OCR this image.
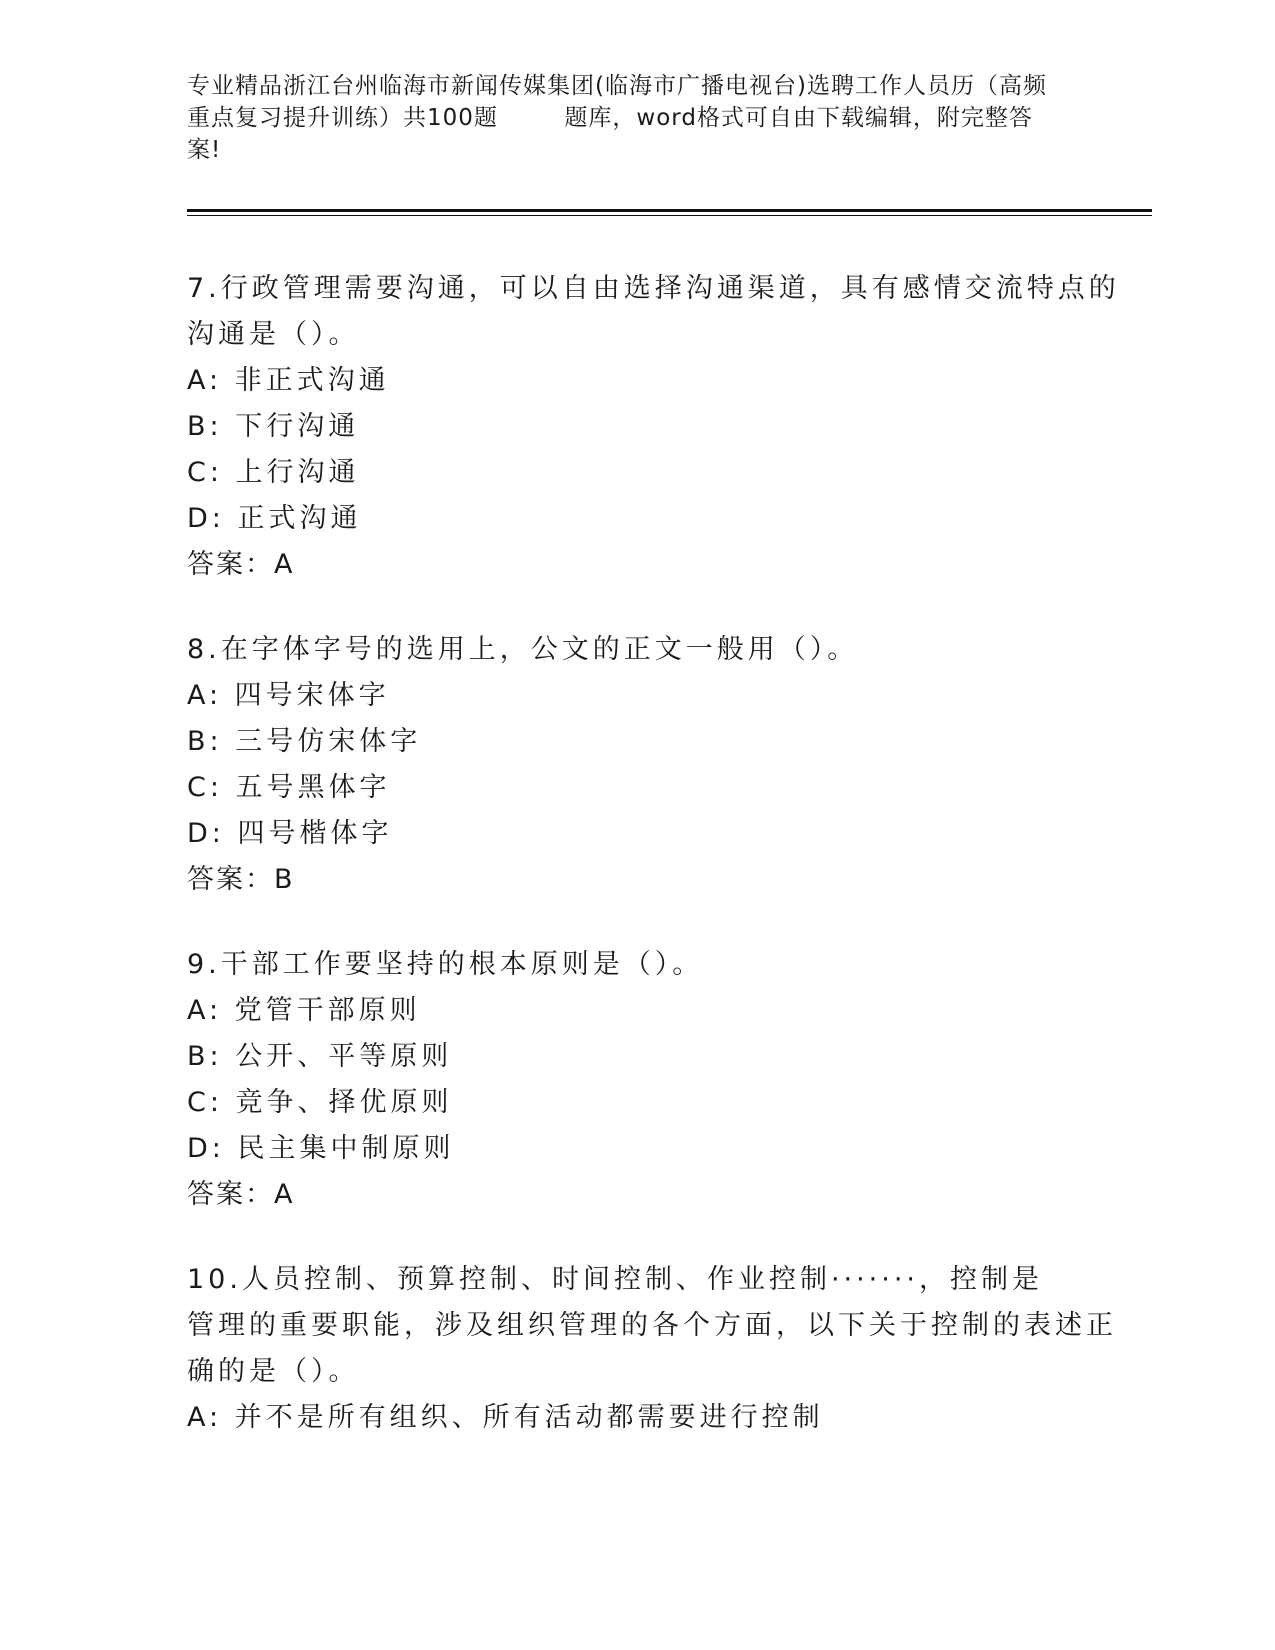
专业精品浙江台州临海市新闻传媒集团(临海市广播电视台)选聘工作人员历（高频
重点复习提升训练）共100题        题库，word格式可自由下载编辑，附完整答
案!
7.行政管理需要沟通，可以自由选择沟通渠道，具有感情交流特点的
沟通是（）。
A: 非正式沟通
B: 下行沟通
C: 上行沟通
D: 正式沟通
答案：A
8.在字体字号的选用上，公文的正文一般用（）。
A: 四号宋体字
B: 三号仿宋体字
C: 五号黑体字
D: 四号楷体字
答案：B
9.干部工作要坚持的根本原则是（）。
A: 党管干部原则
B: 公开、平等原则
C: 竞争、择优原则
D: 民主集中制原则
答案：A
10.人员控制、预算控制、时间控制、作业控制·······，控制是
管理的重要职能，涉及组织管理的各个方面，以下关于控制的表述正
确的是（）。
A: 并不是所有组织、所有活动都需要进行控制
